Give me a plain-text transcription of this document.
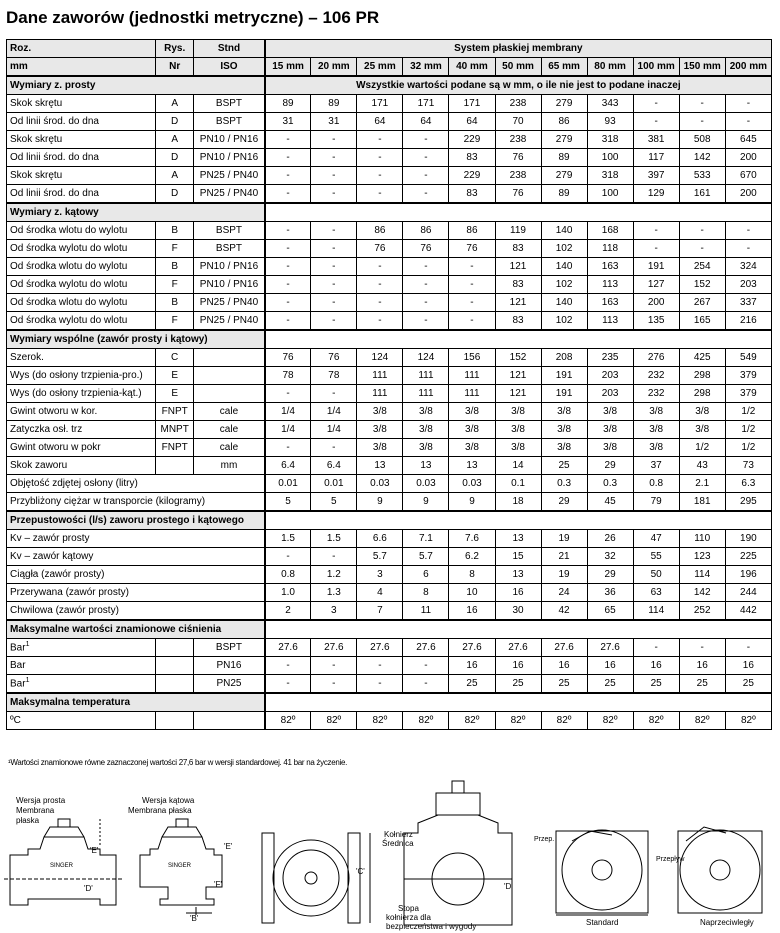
Dane zaworów (jednostki metryczne) – 106 PR
Roz.	Rys.	Stnd	System płaskiej membrany										
mm	Nr	ISO	15 mm	20 mm	25 mm	32 mm	40 mm	50 mm	65 mm	80 mm	100 mm	150 mm	200 mm
Wymiary z. prosty			Wszystkie wartości podane są w mm, o ile nie jest to podane inaczej										
Skok skrętu	A	BSPT	89	89	171	171	171	238	279	343	-	-	-
Od linii środ. do dna	D	BSPT	31	31	64	64	64	70	86	93	-	-	-
Skok skrętu	A	PN10 / PN16	-	-	-	-	229	238	279	318	381	508	645
Od linii środ. do dna	D	PN10 / PN16	-	-	-	-	83	76	89	100	117	142	200
Skok skrętu	A	PN25 / PN40	-	-	-	-	229	238	279	318	397	533	670
Od linii środ. do dna	D	PN25 / PN40	-	-	-	-	83	76	89	100	129	161	200
Wymiary z. kątowy													
Od środka wlotu do wylotu	B	BSPT	-	-	86	86	86	119	140	168	-	-	-
Od środka wylotu do wlotu	F	BSPT	-	-	76	76	76	83	102	118	-	-	-
Od środka wlotu do wylotu	B	PN10 / PN16	-	-	-	-	-	121	140	163	191	254	324
Od środka wylotu do wlotu	F	PN10 / PN16	-	-	-	-	-	83	102	113	127	152	203
Od środka wlotu do wylotu	B	PN25 / PN40	-	-	-	-	-	121	140	163	200	267	337
Od środka wylotu do wlotu	F	PN25 / PN40	-	-	-	-	-	83	102	113	135	165	216
Wymiary wspólne (zawór prosty i kątowy)													
Szerok.	C		76	76	124	124	156	152	208	235	276	425	549
Wys (do osłony trzpienia-pro.)	E		78	78	111	111	111	121	191	203	232	298	379
Wys (do osłony trzpienia-kąt.)	E		-	-	111	111	111	121	191	203	232	298	379
Gwint otworu w kor.	FNPT	cale	1/4	1/4	3/8	3/8	3/8	3/8	3/8	3/8	3/8	3/8	1/2
Zatyczka osł. trz	MNPT	cale	1/4	1/4	3/8	3/8	3/8	3/8	3/8	3/8	3/8	3/8	1/2
Gwint otworu w pokr	FNPT	cale	-	-	3/8	3/8	3/8	3/8	3/8	3/8	3/8	1/2	1/2
Skok zaworu		mm	6.4	6.4	13	13	13	14	25	29	37	43	73
Objętość zdjętej osłony (litry)			0.01	0.01	0.03	0.03	0.03	0.1	0.3	0.3	0.8	2.1	6.3
Przybliżony ciężar w transporcie (kilogramy)			5	5	9	9	9	18	29	45	79	181	295
Przepustowości (l/s) zaworu prostego i kątowego													
Kv – zawór prosty			1.5	1.5	6.6	7.1	7.6	13	19	26	47	110	190
Kv – zawór kątowy			-	-	5.7	5.7	6.2	15	21	32	55	123	225
Ciągła (zawór prosty)			0.8	1.2	3	6	8	13	19	29	50	114	196
Przerywana (zawór prosty)			1.0	1.3	4	8	10	16	24	36	63	142	244
Chwilowa (zawór prosty)			2	3	7	11	16	30	42	65	114	252	442
Maksymalne wartości znamionowe ciśnienia													
Bar$^1$		BSPT	27.6	27.6	27.6	27.6	27.6	27.6	27.6	27.6	-	-	-
Bar		PN16	-	-	-	-	16	16	16	16	16	16	16
Bar$^1$		PN25	-	-	-	-	25	25	25	25	25	25	25
Maksymalna temperatura													
ºC			82º	82º	82º	82º	82º	82º	82º	82º	82º	82º	82º
¹Wartości znamionowe równe zaznaczonej wartości 27,6 bar w wersji standardowej. 41 bar na życzenie.
Wersja prosta
Membrana
płaska
Wersja kątowa
Membrana płaska
SINGER	SINGER
'E'
'D'
'E'
'F'
'B'
'C'
Kołnierz
Średnica
'D'
Stopa
kołnierza dla
bezpieczeństwa i wygody
Przep.
Przepływ
Standard	Naprzeciwległy
